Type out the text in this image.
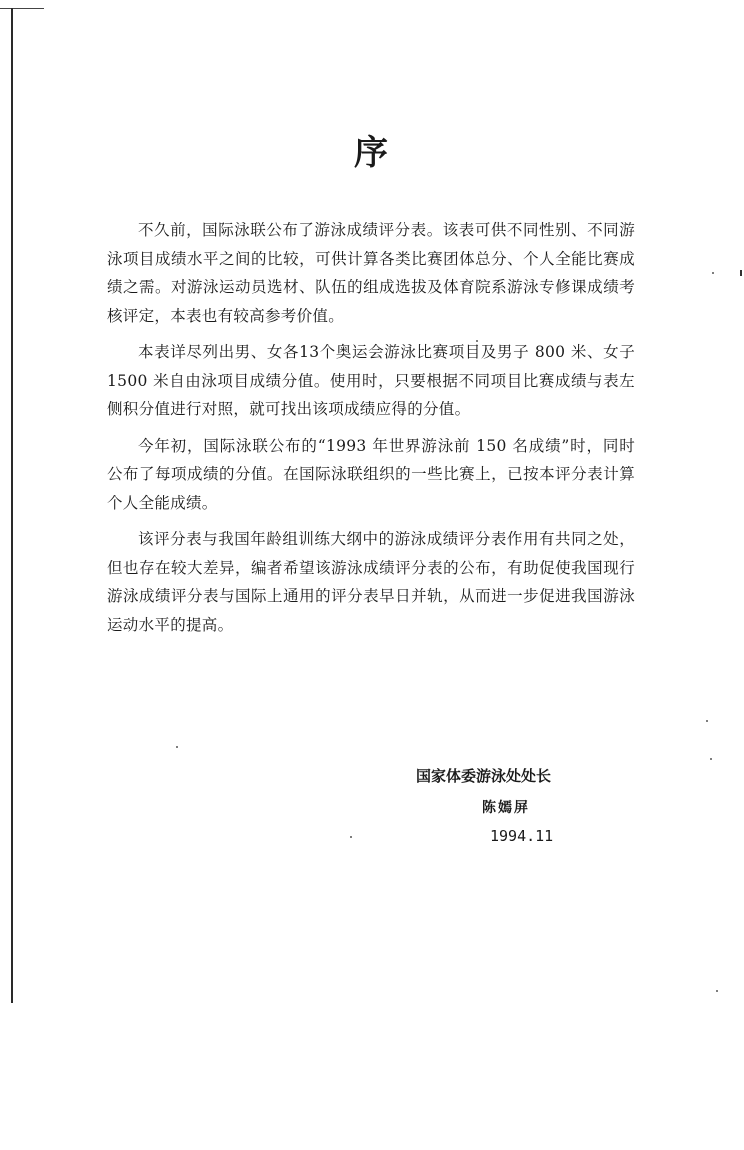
序

不久前，国际泳联公布了游泳成绩评分表。该表可供不同性别、不同游泳项目成绩水平之间的比较，可供计算各类比赛团体总分、个人全能比赛成绩之需。对游泳运动员选材、队伍的组成选拔及体育院系游泳专修课成绩考核评定，本表也有较高参考价值。

本表详尽列出男、女各13个奥运会游泳比赛项目及男子 800 米、女子 1500 米自由泳项目成绩分值。使用时，只要根据不同项目比赛成绩与表左侧积分值进行对照，就可找出该项成绩应得的分值。

今年初，国际泳联公布的“1993 年世界游泳前 150 名成绩”时，同时公布了每项成绩的分值。在国际泳联组织的一些比赛上，已按本评分表计算个人全能成绩。

该评分表与我国年龄组训练大纲中的游泳成绩评分表作用有共同之处，但也存在较大差异，编者希望该游泳成绩评分表的公布，有助促使我国现行游泳成绩评分表与国际上通用的评分表早日并轨，从而进一步促进我国游泳运动水平的提高。

国家体委游泳处处长
陈嫣屏
1994.11
